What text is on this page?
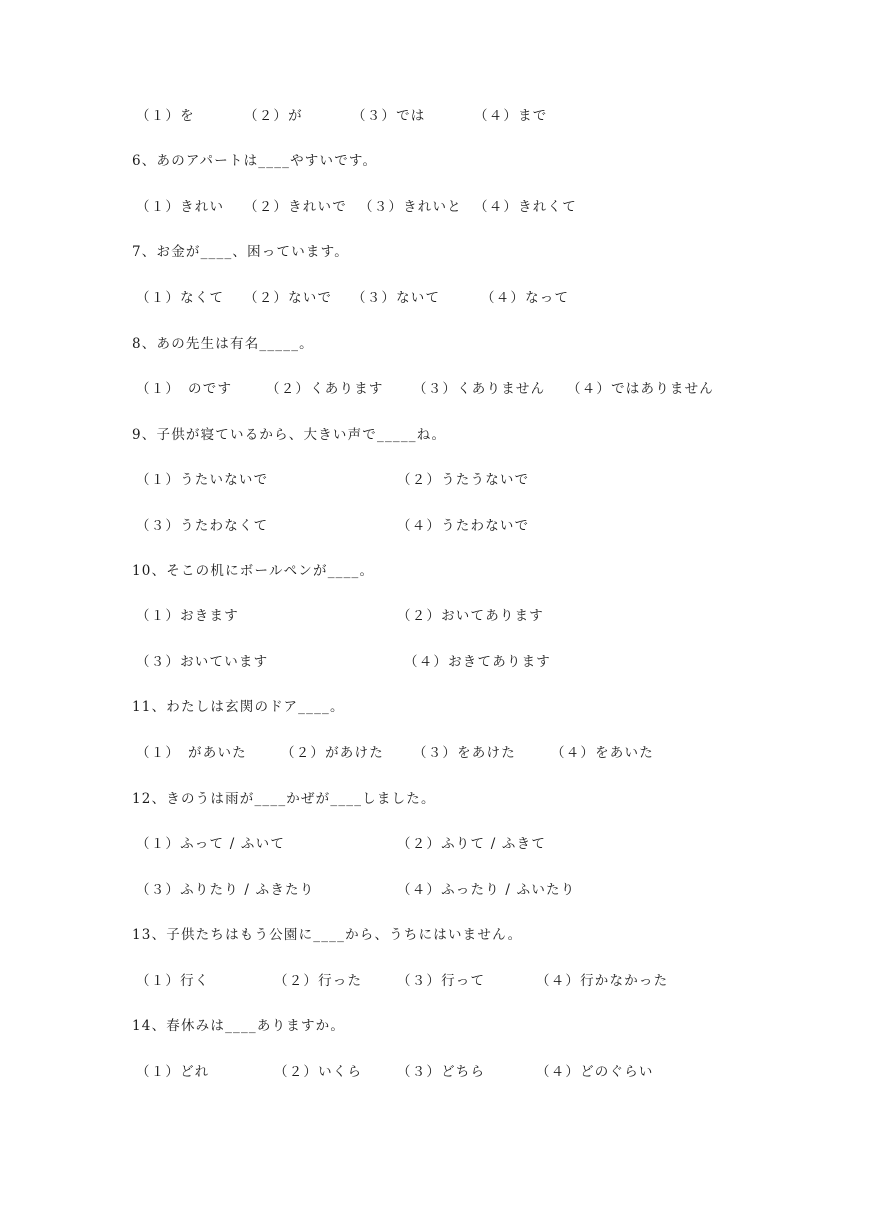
（１）を	（２）が	（３）では	（４）まで
6、あのアパートは____やすいです。
（１）きれい （２）きれいで （３）きれいと （４）きれくて
7、お金が____、困っています。
（１）なくて （２）ないで （３）ないて	（４）なって
8、あの先生は有名_____。
（１）　のです	（２）くあります （３）くありません （４）ではありません
9、子供が寝ているから、大きい声で_____ね。
（１）うたいないで	（２）うたうないで
（３）うたわなくて	（４）うたわないで
10、そこの机にボールペンが____。
（１）おきます	（２）おいてあります
（３）おいています	（４）おきてあります
11、わたしは玄関のドア____。
（１）　があいた	（２）があけた （３）をあけた	（４）をあいた
12、きのうは雨が____かぜが____しました。
（１）ふって / ふいて	（２）ふりて / ふきて
（３）ふりたり / ふきたり	（４）ふったり / ふいたり
13、子供たちはもう公園に____から、うちにはいません。
（１）行く	（２）行った	（３）行って	（４）行かなかった
14、春休みは____ありますか。
（１）どれ	（２）いくら	（３）どちら	（４）どのぐらい
